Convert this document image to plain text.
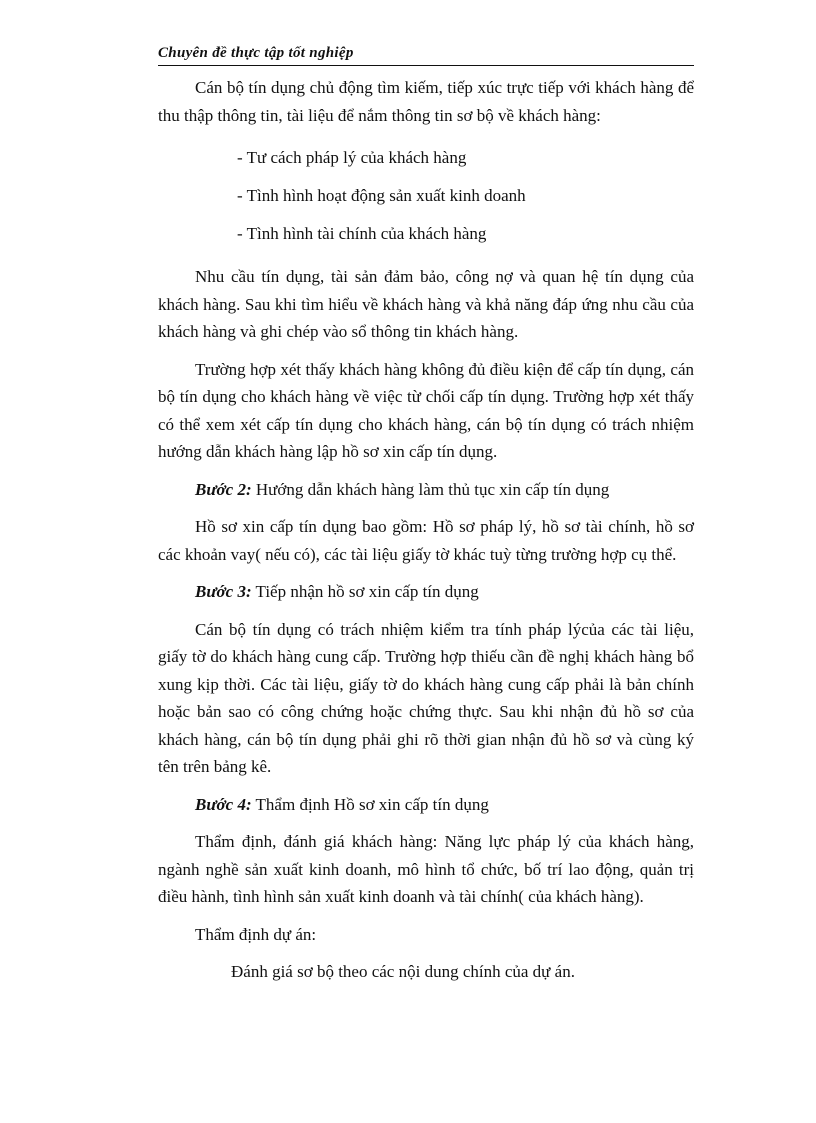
Chuyên đề thực tập tốt nghiệp

Cán bộ tín dụng chủ động tìm kiếm, tiếp xúc trực tiếp với khách hàng để thu thập thông tin, tài liệu để nắm thông tin sơ bộ về khách hàng:

- Tư cách pháp lý của khách hàng
- Tình hình hoạt động sản xuất kinh doanh
- Tình hình tài chính của khách hàng

Nhu cầu tín dụng, tài sản đảm bảo, công nợ và quan hệ tín dụng của khách hàng. Sau khi tìm hiểu về khách hàng và khả năng đáp ứng nhu cầu của khách hàng và ghi chép vào sổ thông tin khách hàng.

Trường hợp xét thấy khách hàng không đủ điều kiện để cấp tín dụng, cán bộ tín dụng cho khách hàng về việc từ chối cấp tín dụng. Trường hợp xét thấy có thể xem xét cấp tín dụng cho khách hàng, cán bộ tín dụng có trách nhiệm hướng dẫn khách hàng lập hồ sơ xin cấp tín dụng.

Bước 2: Hướng dẫn khách hàng làm thủ tục xin cấp tín dụng

Hồ sơ xin cấp tín dụng bao gồm: Hồ sơ pháp lý, hồ sơ tài chính, hồ sơ các khoản vay( nếu có), các tài liệu giấy tờ khác tuỳ từng trường hợp cụ thể.

Bước 3: Tiếp nhận hồ sơ xin cấp tín dụng

Cán bộ tín dụng có trách nhiệm kiểm tra tính pháp lýcủa các tài liệu, giấy tờ do khách hàng cung cấp. Trường hợp thiếu cần đề nghị khách hàng bổ xung kịp thời. Các tài liệu, giấy tờ do khách hàng cung cấp phải là bản chính hoặc bản sao có công chứng hoặc chứng thực. Sau khi nhận đủ hồ sơ của khách hàng, cán bộ tín dụng phải ghi rõ thời gian nhận đủ hồ sơ và cùng ký tên trên bảng kê.

Bước 4: Thẩm định Hồ sơ xin cấp tín dụng

Thẩm định, đánh giá khách hàng: Năng lực pháp lý của khách hàng, ngành nghề sản xuất kinh doanh, mô hình tổ chức, bố trí lao động, quản trị điều hành, tình hình sản xuất kinh doanh và tài chính( của khách hàng).

Thẩm định dự án:

Đánh giá sơ bộ theo các nội dung chính của dự án.
